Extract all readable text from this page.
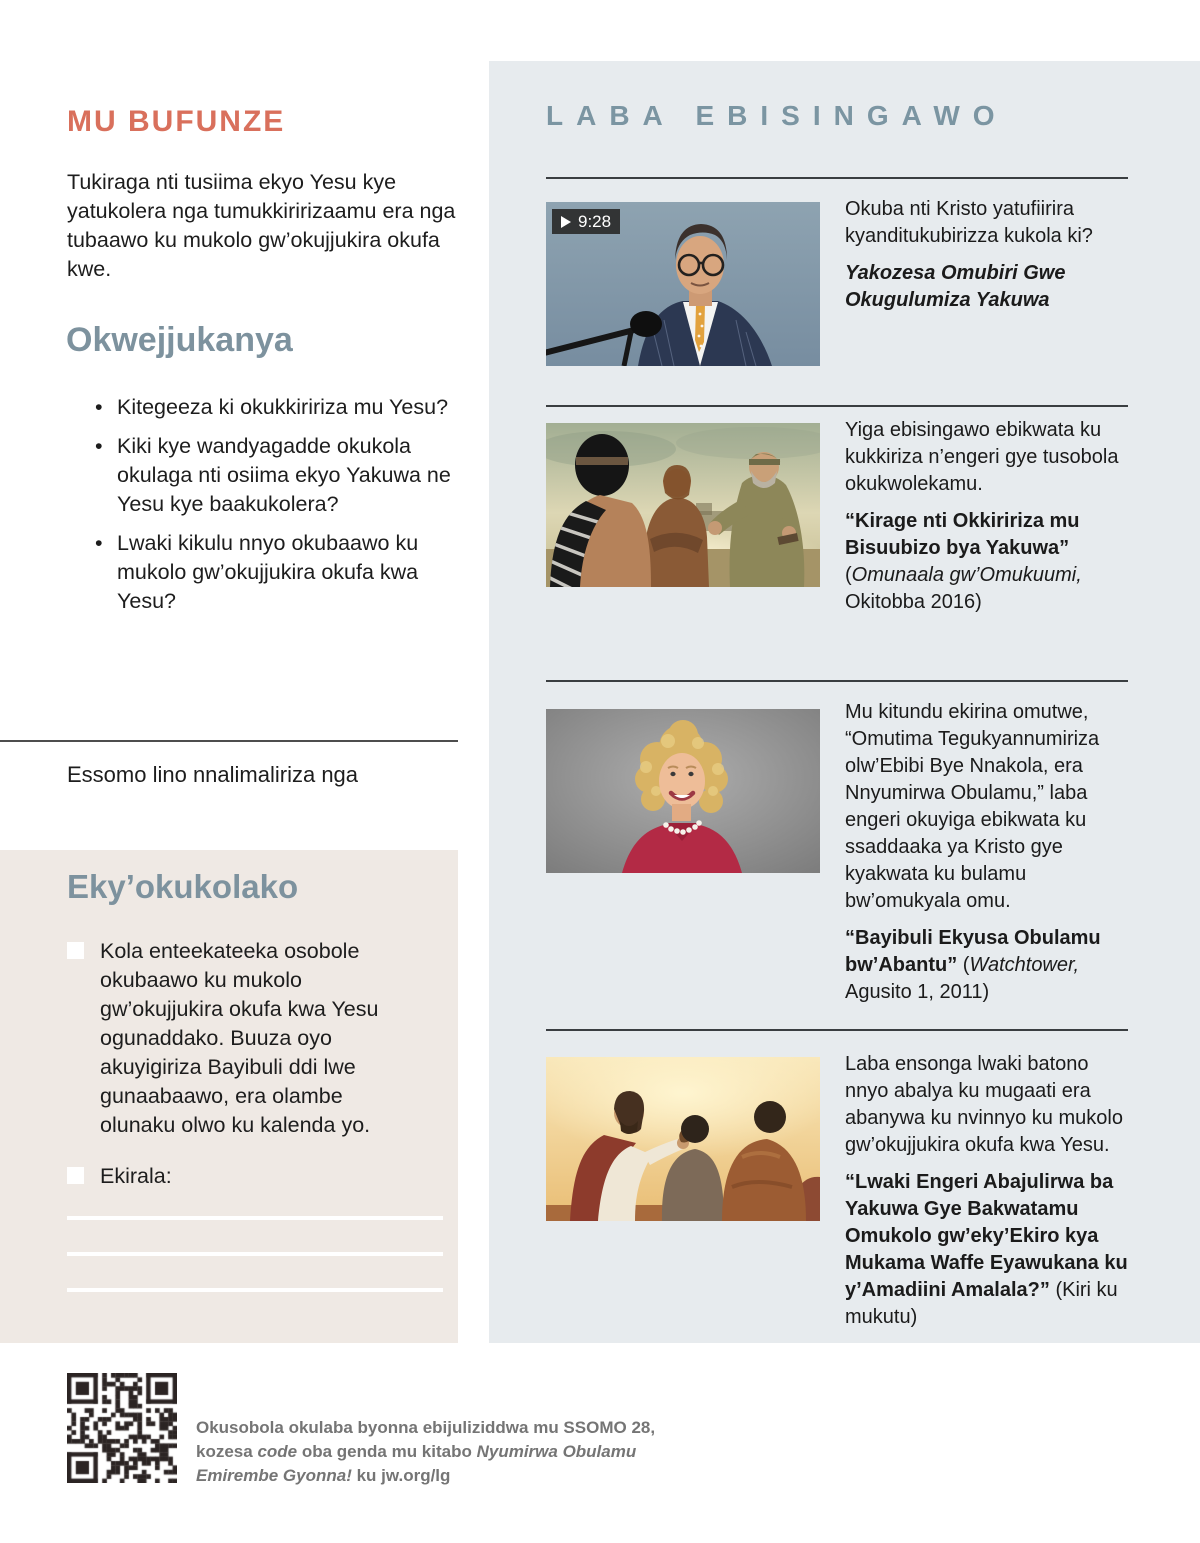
MU BUFUNZE
Tukiraga nti tusiima ekyo Yesu kye yatukolera nga tumukkiririzaamu era nga tubaawo ku mukolo gw’okujjukira okufa kwe.
Okwejjukanya
• Kitegeeza ki okukkiririza mu Yesu?
• Kiki kye wandyagadde okukola okulaga nti osiima ekyo Yakuwa ne Yesu kye baakukolera?
• Lwaki kikulu nnyo okubaawo ku mukolo gw’okujjukira okufa kwa Yesu?
Essomo lino nnalimaliriza nga
Eky’okukolako
Kola enteekateeka osobole okubaawo ku mukolo gw’okujjukira okufa kwa Yesu ogunaddako. Buuza oyo akuyigiriza Bayibuli ddi lwe gunaabaawo, era olambe olunaku olwo ku kalenda yo.
Ekirala:
LABA EBISINGAWO
9:28

Okuba nti Kristo yatufiirira kyanditukubirizza kukola ki?

Yakozesa Omubiri Gwe Okugulumiza Yakuwa

Yiga ebisingawo ebikwata ku kukkiriza n’engeri gye tusobola okukwolekamu.

“Kirage nti Okkiririza mu Bisuubizo bya Yakuwa” (Omunaala gw’Omukuumi, Okitobba 2016)

Mu kitundu ekirina omutwe, “Omutima Tegukyannumiriza olw’Ebibi Bye Nnakola, era Nnyumirwa Obulamu,” laba engeri okuyiga ebikwata ku ssaddaaka ya Kristo gye kyakwata ku bulamu bw’omukyala omu.

“Bayibuli Ekyusa Obulamu bw’Abantu” (Watchtower, Agusito 1, 2011)

Laba ensonga lwaki batono nnyo abalya ku mugaati era abanywa ku nvinnyo ku mukolo gw’okujjukira okufa kwa Yesu.

“Lwaki Engeri Abajulirwa ba Yakuwa Gye Bakwatamu Omukolo gw’eky’Ekiro kya Mukama Waffe Eyawukana ku y’Amadiini Amalala?” (Kiri ku mukutu)

Okusobola okulaba byonna ebijuliziddwa mu SSOMO 28, kozesa code oba genda mu kitabo Nyumirwa Obulamu Emirembe Gyonna! ku jw.org/lg
